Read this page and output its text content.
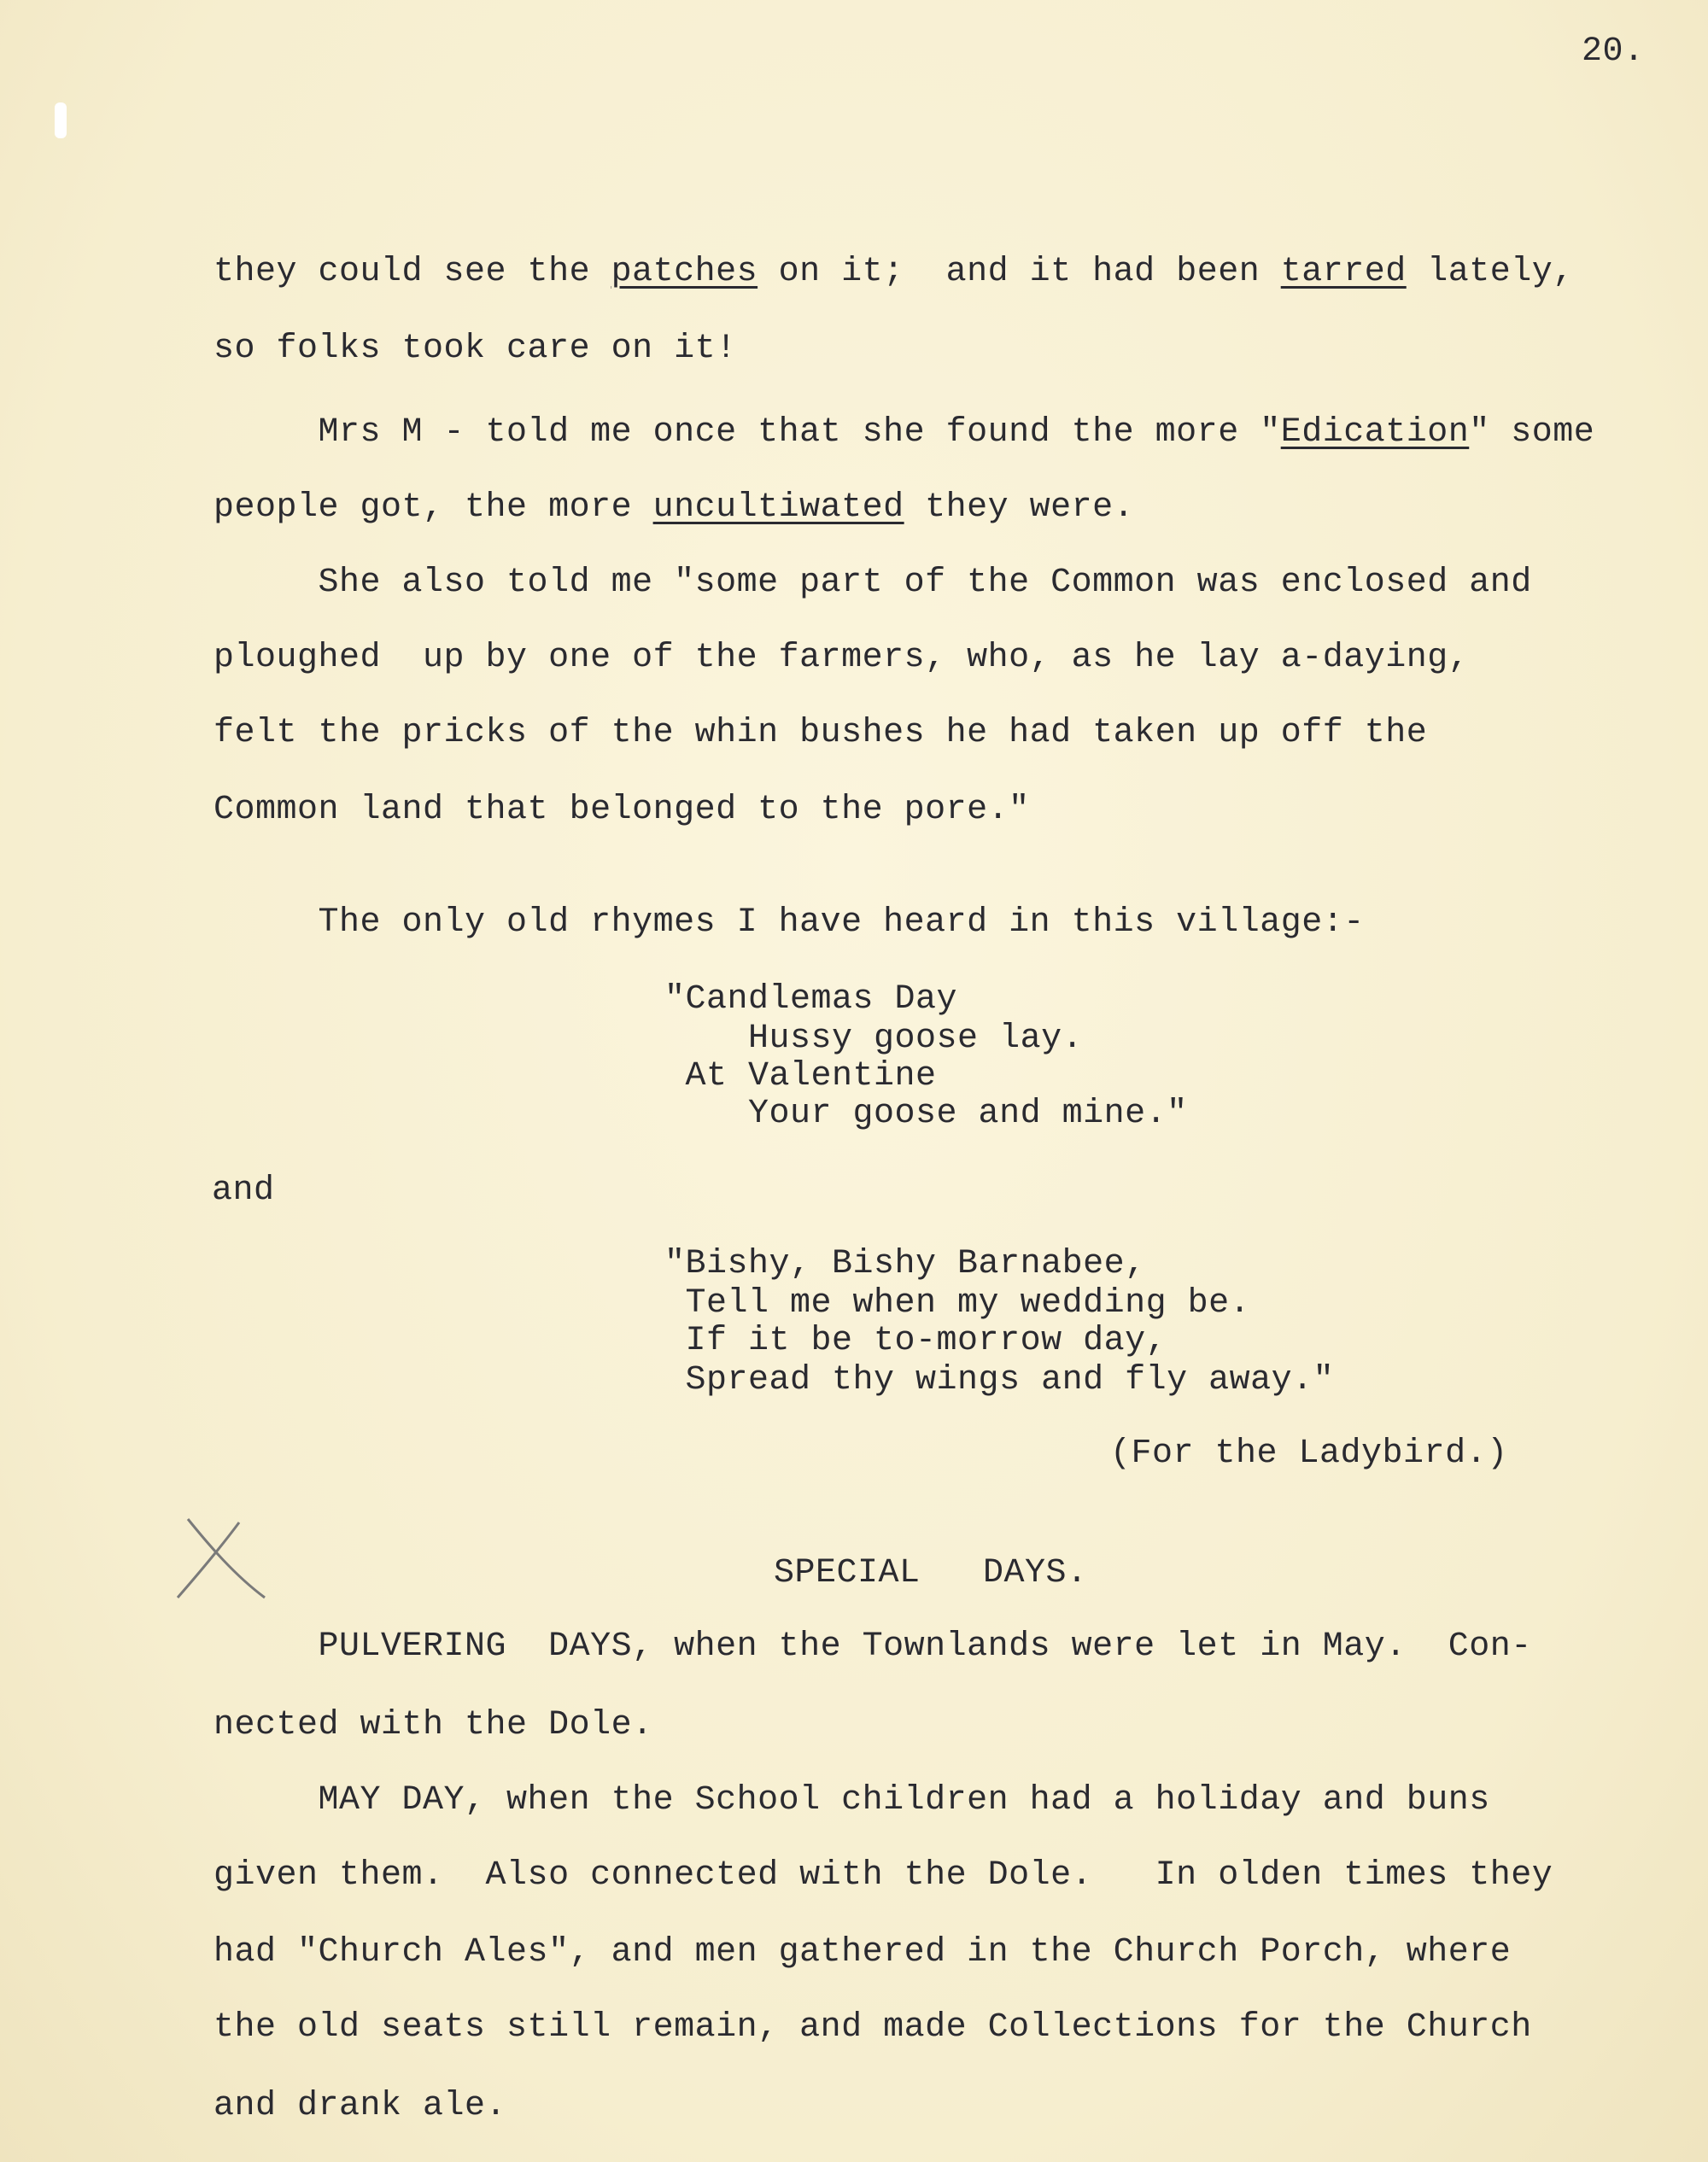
20.
they could see the patches on it;  and it had been tarred lately,
so folks took care on it!
Mrs M - told me once that she found the more "Edication" some
people got, the more uncultiwated they were.
She also told me "some part of the Common was enclosed and
ploughed  up by one of the farmers, who, as he lay a-daying,
felt the pricks of the whin bushes he had taken up off the
Common land that belonged to the pore."
The only old rhymes I have heard in this village:-
"Candlemas Day
Hussy goose lay.
At Valentine
Your goose and mine."
and
"Bishy, Bishy Barnabee,
Tell me when my wedding be.
If it be to-morrow day,
Spread thy wings and fly away."
(For the Ladybird.)
SPECIAL   DAYS.
PULVERING  DAYS, when the Townlands were let in May.  Con-
nected with the Dole.
MAY DAY, when the School children had a holiday and buns
given them.  Also connected with the Dole.   In olden times they
had "Church Ales", and men gathered in the Church Porch, where
the old seats still remain, and made Collections for the Church
and drank ale.
